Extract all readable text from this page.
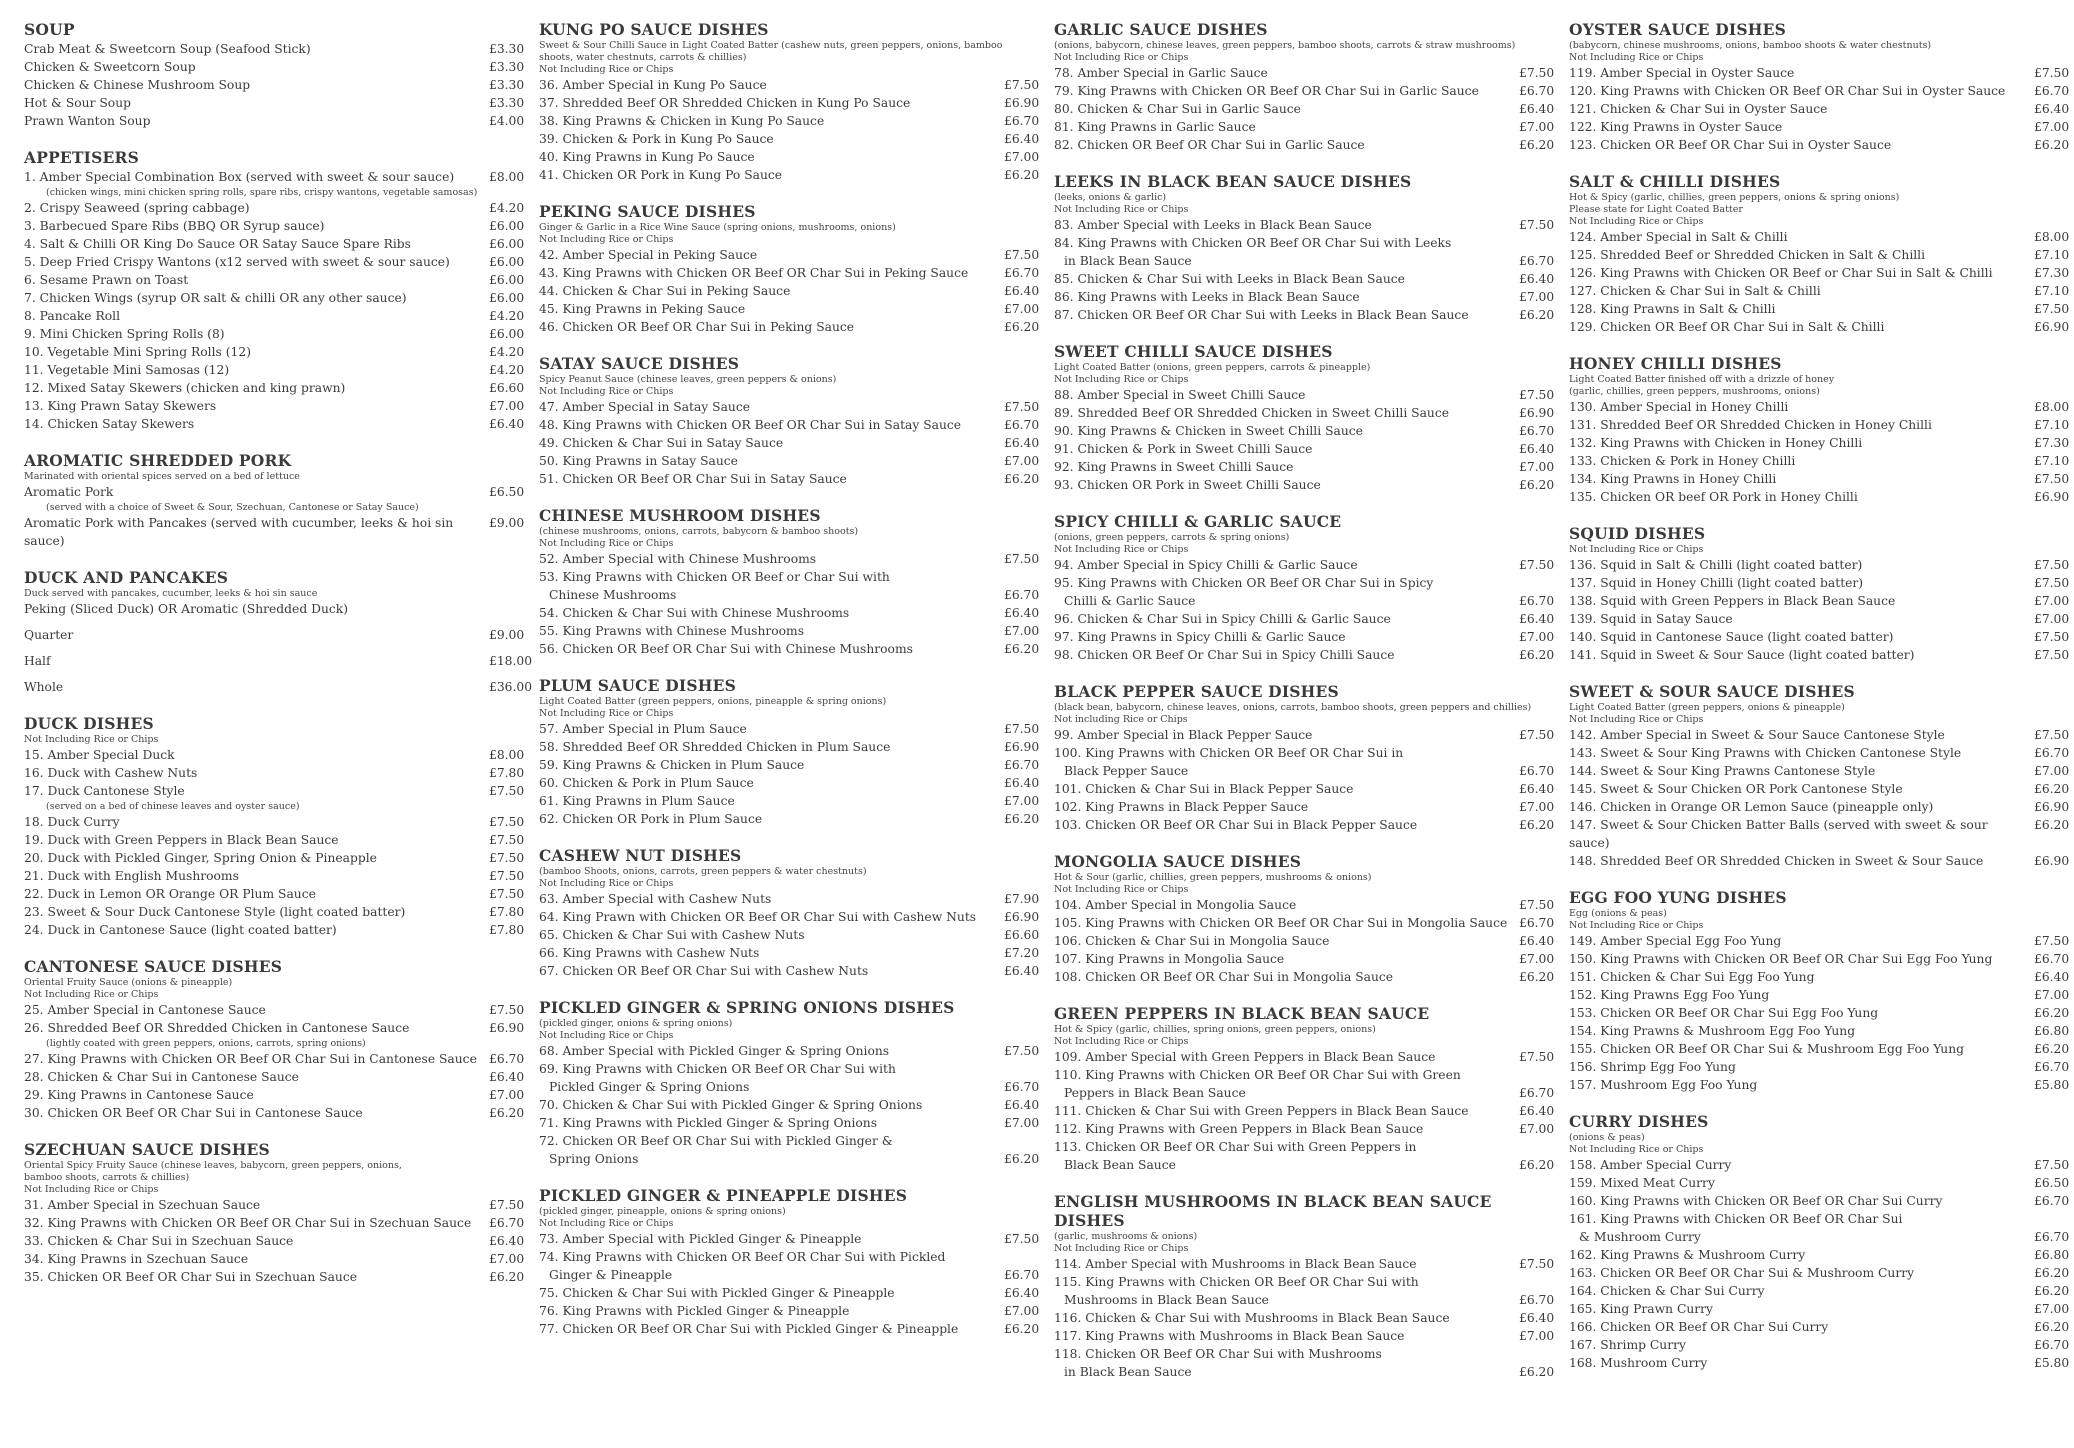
SOUP
Crab Meat & Sweetcorn Soup (Seafood Stick)	£3.30
Chicken & Sweetcorn Soup	£3.30
Chicken & Chinese Mushroom Soup	£3.30
Hot & Sour Soup	£3.30
Prawn Wanton Soup	£4.00
APPETISERS
1. Amber Special Combination Box (served with sweet & sour sauce)	£8.00
(chicken wings, mini chicken spring rolls, spare ribs, crispy wantons, vegetable samosas)
2. Crispy Seaweed (spring cabbage)	£4.20
3. Barbecued Spare Ribs (BBQ OR Syrup sauce)	£6.00
4. Salt & Chilli OR King Do Sauce OR Satay Sauce Spare Ribs	£6.00
5. Deep Fried Crispy Wantons (x12 served with sweet & sour sauce)	£6.00
6. Sesame Prawn on Toast	£6.00
7. Chicken Wings (syrup OR salt & chilli OR any other sauce)	£6.00
8. Pancake Roll	£4.20
9. Mini Chicken Spring Rolls (8)	£6.00
10. Vegetable Mini Spring Rolls (12)	£4.20
11. Vegetable Mini Samosas (12)	£4.20
12. Mixed Satay Skewers (chicken and king prawn)	£6.60
13. King Prawn Satay Skewers	£7.00
14. Chicken Satay Skewers	£6.40
AROMATIC SHREDDED PORK
Marinated with oriental spices served on a bed of lettuce
Aromatic Pork	£6.50
(served with a choice of Sweet & Sour, Szechuan, Cantonese or Satay Sauce)
Aromatic Pork with Pancakes (served with cucumber, leeks & hoi sin sauce)
£9.00
DUCK AND PANCAKES
Duck served with pancakes, cucumber, leeks & hoi sin sauce
Peking (Sliced Duck) OR Aromatic (Shredded Duck)
Quarter	£9.00
Half	£18.00
Whole	£36.00
DUCK DISHES
Not Including Rice or Chips
15. Amber Special Duck	£8.00
16. Duck with Cashew Nuts	£7.80
17. Duck Cantonese Style	£7.50
(served on a bed of chinese leaves and oyster sauce)
18. Duck Curry	£7.50
19. Duck with Green Peppers in Black Bean Sauce	£7.50
20. Duck with Pickled Ginger, Spring Onion & Pineapple	£7.50
21. Duck with English Mushrooms	£7.50
22. Duck in Lemon OR Orange OR Plum Sauce	£7.50
23. Sweet & Sour Duck Cantonese Style (light coated batter)	£7.80
24. Duck in Cantonese Sauce (light coated batter)	£7.80
CANTONESE SAUCE DISHES
Oriental Fruity Sauce (onions & pineapple)
Not Including Rice or Chips
25. Amber Special in Cantonese Sauce	£7.50
26. Shredded Beef OR Shredded Chicken in Cantonese Sauce	£6.90
(lightly coated with green peppers, onions, carrots, spring onions)
27. King Prawns with Chicken OR Beef OR Char Sui in Cantonese Sauce £6.70
28. Chicken & Char Sui in Cantonese Sauce	£6.40
29. King Prawns in Cantonese Sauce	£7.00
30. Chicken OR Beef OR Char Sui in Cantonese Sauce	£6.20
SZECHUAN SAUCE DISHES
Oriental Spicy Fruity Sauce (chinese leaves, babycorn, green peppers, onions,
bamboo shoots, carrots & chillies)
Not Including Rice or Chips
31. Amber Special in Szechuan Sauce	£7.50
32. King Prawns with Chicken OR Beef OR Char Sui in Szechuan Sauce	£6.70
33. Chicken & Char Sui in Szechuan Sauce	£6.40
34. King Prawns in Szechuan Sauce	£7.00
35. Chicken OR Beef OR Char Sui in Szechuan Sauce	£6.20
KUNG PO SAUCE DISHES
Sweet & Sour Chilli Sauce in Light Coated Batter (cashew nuts, green peppers, onions, bamboo
shoots, water chestnuts, carrots & chillies)
Not Including Rice or Chips
36. Amber Special in Kung Po Sauce	£7.50
37. Shredded Beef OR Shredded Chicken in Kung Po Sauce	£6.90
38. King Prawns & Chicken in Kung Po Sauce	£6.70
39. Chicken & Pork in Kung Po Sauce	£6.40
40. King Prawns in Kung Po Sauce	£7.00
41. Chicken OR Pork in Kung Po Sauce	£6.20
PEKING SAUCE DISHES
Ginger & Garlic in a Rice Wine Sauce (spring onions, mushrooms, onions)
Not Including Rice or Chips
42. Amber Special in Peking Sauce	£7.50
43. King Prawns with Chicken OR Beef OR Char Sui in Peking Sauce	£6.70
44. Chicken & Char Sui in Peking Sauce	£6.40
45. King Prawns in Peking Sauce	£7.00
46. Chicken OR Beef OR Char Sui in Peking Sauce	£6.20
SATAY SAUCE DISHES
Spicy Peanut Sauce (chinese leaves, green peppers & onions)
Not Including Rice or Chips
47. Amber Special in Satay Sauce	£7.50
48. King Prawns with Chicken OR Beef OR Char Sui in Satay Sauce	£6.70
49. Chicken & Char Sui in Satay Sauce	£6.40
50. King Prawns in Satay Sauce	£7.00
51. Chicken OR Beef OR Char Sui in Satay Sauce	£6.20
CHINESE MUSHROOM DISHES
(chinese mushrooms, onions, carrots, babycorn & bamboo shoots)
Not Including Rice or Chips
52. Amber Special with Chinese Mushrooms	£7.50
53. King Prawns with Chicken OR Beef or Char Sui with
Chinese Mushrooms	£6.70
54. Chicken & Char Sui with Chinese Mushrooms	£6.40
55. King Prawns with Chinese Mushrooms	£7.00
56. Chicken OR Beef OR Char Sui with Chinese Mushrooms	£6.20
PLUM SAUCE DISHES
Light Coated Batter (green peppers, onions, pineapple & spring onions)
Not Including Rice or Chips
57. Amber Special in Plum Sauce	£7.50
58. Shredded Beef OR Shredded Chicken in Plum Sauce	£6.90
59. King Prawns & Chicken in Plum Sauce	£6.70
60. Chicken & Pork in Plum Sauce	£6.40
61. King Prawns in Plum Sauce	£7.00
62. Chicken OR Pork in Plum Sauce	£6.20
CASHEW NUT DISHES
(bamboo Shoots, onions, carrots, green peppers & water chestnuts)
Not Including Rice or Chips
63. Amber Special with Cashew Nuts	£7.90
64. King Prawn with Chicken OR Beef OR Char Sui with Cashew Nuts	£6.90
65. Chicken & Char Sui with Cashew Nuts	£6.60
66. King Prawns with Cashew Nuts	£7.20
67. Chicken OR Beef OR Char Sui with Cashew Nuts	£6.40
PICKLED GINGER & SPRING ONIONS DISHES
(pickled ginger, onions & spring onions)
Not Including Rice or Chips
68. Amber Special with Pickled Ginger & Spring Onions	£7.50
69. King Prawns with Chicken OR Beef OR Char Sui with
Pickled Ginger & Spring Onions	£6.70
70. Chicken & Char Sui with Pickled Ginger & Spring Onions	£6.40
71. King Prawns with Pickled Ginger & Spring Onions	£7.00
72. Chicken OR Beef OR Char Sui with Pickled Ginger &
Spring Onions	£6.20
PICKLED GINGER & PINEAPPLE DISHES
(pickled ginger, pineapple, onions & spring onions)
Not Including Rice or Chips
73. Amber Special with Pickled Ginger & Pineapple	£7.50
74. King Prawns with Chicken OR Beef OR Char Sui with Pickled
Ginger & Pineapple	£6.70
75. Chicken & Char Sui with Pickled Ginger & Pineapple	£6.40
76. King Prawns with Pickled Ginger & Pineapple	£7.00
77. Chicken OR Beef OR Char Sui with Pickled Ginger & Pineapple	£6.20
GARLIC SAUCE DISHES
(onions, babycorn, chinese leaves, green peppers, bamboo shoots, carrots & straw mushrooms)
Not Including Rice or Chips
78. Amber Special in Garlic Sauce	£7.50
79. King Prawns with Chicken OR Beef OR Char Sui in Garlic Sauce	£6.70
80. Chicken & Char Sui in Garlic Sauce	£6.40
81. King Prawns in Garlic Sauce	£7.00
82. Chicken OR Beef OR Char Sui in Garlic Sauce	£6.20
LEEKS IN BLACK BEAN SAUCE DISHES
(leeks, onions & garlic)
Not Including Rice or Chips
83. Amber Special with Leeks in Black Bean Sauce	£7.50
84. King Prawns with Chicken OR Beef OR Char Sui with Leeks
in Black Bean Sauce	£6.70
85. Chicken & Char Sui with Leeks in Black Bean Sauce	£6.40
86. King Prawns with Leeks in Black Bean Sauce	£7.00
87. Chicken OR Beef OR Char Sui with Leeks in Black Bean Sauce	£6.20
SWEET CHILLI SAUCE DISHES
Light Coated Batter (onions, green peppers, carrots & pineapple)
Not Including Rice or Chips
88. Amber Special in Sweet Chilli Sauce	£7.50
89. Shredded Beef OR Shredded Chicken in Sweet Chilli Sauce	£6.90
90. King Prawns & Chicken in Sweet Chilli Sauce	£6.70
91. Chicken & Pork in Sweet Chilli Sauce	£6.40
92. King Prawns in Sweet Chilli Sauce	£7.00
93. Chicken OR Pork in Sweet Chilli Sauce	£6.20
SPICY CHILLI & GARLIC SAUCE
(onions, green peppers, carrots & spring onions)
Not Including Rice or Chips
94. Amber Special in Spicy Chilli & Garlic Sauce	£7.50
95. King Prawns with Chicken OR Beef OR Char Sui in Spicy
Chilli & Garlic Sauce	£6.70
96. Chicken & Char Sui in Spicy Chilli & Garlic Sauce	£6.40
97. King Prawns in Spicy Chilli & Garlic Sauce	£7.00
98. Chicken OR Beef Or Char Sui in Spicy Chilli Sauce	£6.20
BLACK PEPPER SAUCE DISHES
(black bean, babycorn, chinese leaves, onions, carrots, bamboo shoots, green peppers and chillies)
Not including Rice or Chips
99. Amber Special in Black Pepper Sauce	£7.50
100. King Prawns with Chicken OR Beef OR Char Sui in
Black Pepper Sauce	£6.70
101. Chicken & Char Sui in Black Pepper Sauce	£6.40
102. King Prawns in Black Pepper Sauce	£7.00
103. Chicken OR Beef OR Char Sui in Black Pepper Sauce	£6.20
MONGOLIA SAUCE DISHES
Hot & Sour (garlic, chillies, green peppers, mushrooms & onions)
Not Including Rice or Chips
104. Amber Special in Mongolia Sauce	£7.50
105. King Prawns with Chicken OR Beef OR Char Sui in Mongolia Sauce £6.70
106. Chicken & Char Sui in Mongolia Sauce	£6.40
107. King Prawns in Mongolia Sauce	£7.00
108. Chicken OR Beef OR Char Sui in Mongolia Sauce	£6.20
GREEN PEPPERS IN BLACK BEAN SAUCE
Hot & Spicy (garlic, chillies, spring onions, green peppers, onions)
Not Including Rice or Chips
109. Amber Special with Green Peppers in Black Bean Sauce	£7.50
110. King Prawns with Chicken OR Beef OR Char Sui with Green
Peppers in Black Bean Sauce	£6.70
111. Chicken & Char Sui with Green Peppers in Black Bean Sauce	£6.40
112. King Prawns with Green Peppers in Black Bean Sauce	£7.00
113. Chicken OR Beef OR Char Sui with Green Peppers in
Black Bean Sauce	£6.20
ENGLISH MUSHROOMS IN BLACK BEAN SAUCE DISHES
(garlic, mushrooms & onions)
Not Including Rice or Chips
114. Amber Special with Mushrooms in Black Bean Sauce	£7.50
115. King Prawns with Chicken OR Beef OR Char Sui with
Mushrooms in Black Bean Sauce	£6.70
116. Chicken & Char Sui with Mushrooms in Black Bean Sauce	£6.40
117. King Prawns with Mushrooms in Black Bean Sauce	£7.00
118. Chicken OR Beef OR Char Sui with Mushrooms
in Black Bean Sauce	£6.20
OYSTER SAUCE DISHES
(babycorn, chinese mushrooms, onions, bamboo shoots & water chestnuts)
Not Including Rice or Chips
119. Amber Special in Oyster Sauce	£7.50
120. King Prawns with Chicken OR Beef OR Char Sui in Oyster Sauce	£6.70
121. Chicken & Char Sui in Oyster Sauce	£6.40
122. King Prawns in Oyster Sauce	£7.00
123. Chicken OR Beef OR Char Sui in Oyster Sauce	£6.20
SALT & CHILLI DISHES
Hot & Spicy (garlic, chillies, green peppers, onions & spring onions)
Please state for Light Coated Batter
Not Including Rice or Chips
124. Amber Special in Salt & Chilli	£8.00
125. Shredded Beef or Shredded Chicken in Salt & Chilli	£7.10
126. King Prawns with Chicken OR Beef or Char Sui in Salt & Chilli	£7.30
127. Chicken & Char Sui in Salt & Chilli	£7.10
128. King Prawns in Salt & Chilli	£7.50
129. Chicken OR Beef OR Char Sui in Salt & Chilli	£6.90
HONEY CHILLI DISHES
Light Coated Batter finished off with a drizzle of honey
(garlic, chillies, green peppers, mushrooms, onions)
130. Amber Special in Honey Chilli	£8.00
131. Shredded Beef OR Shredded Chicken in Honey Chilli	£7.10
132. King Prawns with Chicken in Honey Chilli	£7.30
133. Chicken & Pork in Honey Chilli	£7.10
134. King Prawns in Honey Chilli	£7.50
135. Chicken OR beef OR Pork in Honey Chilli	£6.90
SQUID DISHES
Not Including Rice or Chips
136. Squid in Salt & Chilli (light coated batter)	£7.50
137. Squid in Honey Chilli (light coated batter)	£7.50
138. Squid with Green Peppers in Black Bean Sauce	£7.00
139. Squid in Satay Sauce	£7.00
140. Squid in Cantonese Sauce (light coated batter)	£7.50
141. Squid in Sweet & Sour Sauce (light coated batter)	£7.50
SWEET & SOUR SAUCE DISHES
Light Coated Batter (green peppers, onions & pineapple)
Not Including Rice or Chips
142. Amber Special in Sweet & Sour Sauce Cantonese Style	£7.50
143. Sweet & Sour King Prawns with Chicken Cantonese Style	£6.70
144. Sweet & Sour King Prawns Cantonese Style	£7.00
145. Sweet & Sour Chicken OR Pork Cantonese Style	£6.20
146. Chicken in Orange OR Lemon Sauce (pineapple only)	£6.90
147. Sweet & Sour Chicken Batter Balls (served with sweet & sour sauce)
£6.20
148. Shredded Beef OR Shredded Chicken in Sweet & Sour Sauce	£6.90
EGG FOO YUNG DISHES
Egg (onions & peas)
Not Including Rice or Chips
149. Amber Special Egg Foo Yung	£7.50
150. King Prawns with Chicken OR Beef OR Char Sui Egg Foo Yung	£6.70
151. Chicken & Char Sui Egg Foo Yung	£6.40
152. King Prawns Egg Foo Yung	£7.00
153. Chicken OR Beef OR Char Sui Egg Foo Yung	£6.20
154. King Prawns & Mushroom Egg Foo Yung	£6.80
155. Chicken OR Beef OR Char Sui & Mushroom Egg Foo Yung	£6.20
156. Shrimp Egg Foo Yung	£6.70
157. Mushroom Egg Foo Yung	£5.80
CURRY DISHES
(onions & peas)
Not Including Rice or Chips
158. Amber Special Curry	£7.50
159. Mixed Meat Curry	£6.50
160. King Prawns with Chicken OR Beef OR Char Sui Curry	£6.70
161. King Prawns with Chicken OR Beef OR Char Sui
& Mushroom Curry	£6.70
162. King Prawns & Mushroom Curry	£6.80
163. Chicken OR Beef OR Char Sui & Mushroom Curry	£6.20
164. Chicken & Char Sui Curry	£6.20
165. King Prawn Curry	£7.00
166. Chicken OR Beef OR Char Sui Curry	£6.20
167. Shrimp Curry	£6.70
168. Mushroom Curry	£5.80
